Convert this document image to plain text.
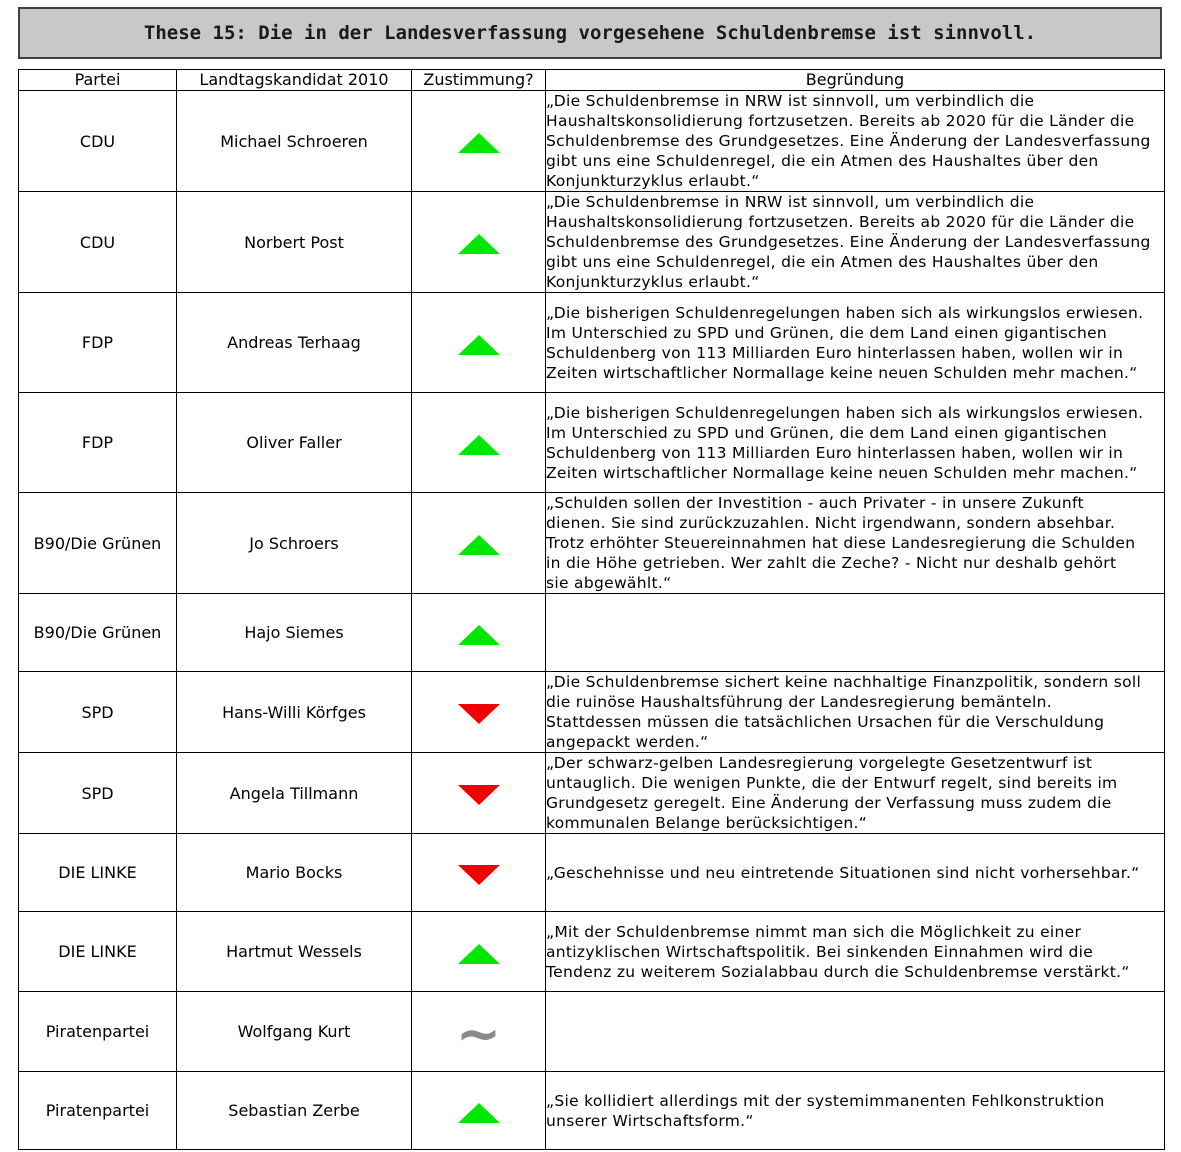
These 15: Die in der Landesverfassung vorgesehene Schuldenbremse ist sinnvoll.
Partei	Landtagskandidat 2010	Zustimmung?	Begründung
CDU	Michael Schroeren		„Die Schuldenbremse in NRW ist sinnvoll, um verbindlich die
Haushaltskonsolidierung fortzusetzen. Bereits ab 2020 für die Länder die
Schuldenbremse des Grundgesetzes. Eine Änderung der Landesverfassung
gibt uns eine Schuldenregel, die ein Atmen des Haushaltes über den
Konjunkturzyklus erlaubt.“
CDU	Norbert Post		„Die Schuldenbremse in NRW ist sinnvoll, um verbindlich die
Haushaltskonsolidierung fortzusetzen. Bereits ab 2020 für die Länder die
Schuldenbremse des Grundgesetzes. Eine Änderung der Landesverfassung
gibt uns eine Schuldenregel, die ein Atmen des Haushaltes über den
Konjunkturzyklus erlaubt.“
FDP	Andreas Terhaag		„Die bisherigen Schuldenregelungen haben sich als wirkungslos erwiesen.
Im Unterschied zu SPD und Grünen, die dem Land einen gigantischen
Schuldenberg von 113 Milliarden Euro hinterlassen haben, wollen wir in
Zeiten wirtschaftlicher Normallage keine neuen Schulden mehr machen.“
FDP	Oliver Faller		„Die bisherigen Schuldenregelungen haben sich als wirkungslos erwiesen.
Im Unterschied zu SPD und Grünen, die dem Land einen gigantischen
Schuldenberg von 113 Milliarden Euro hinterlassen haben, wollen wir in
Zeiten wirtschaftlicher Normallage keine neuen Schulden mehr machen.“
B90/Die Grünen	Jo Schroers		„Schulden sollen der Investition - auch Privater - in unsere Zukunft
dienen. Sie sind zurückzuzahlen. Nicht irgendwann, sondern absehbar.
Trotz erhöhter Steuereinnahmen hat diese Landesregierung die Schulden
in die Höhe getrieben. Wer zahlt die Zeche? - Nicht nur deshalb gehört
sie abgewählt.“
B90/Die Grünen	Hajo Siemes		
SPD	Hans-Willi Körfges		„Die Schuldenbremse sichert keine nachhaltige Finanzpolitik, sondern soll
die ruinöse Haushaltsführung der Landesregierung bemänteln.
Stattdessen müssen die tatsächlichen Ursachen für die Verschuldung
angepackt werden.“
SPD	Angela Tillmann		„Der schwarz-gelben Landesregierung vorgelegte Gesetzentwurf ist
untauglich. Die wenigen Punkte, die der Entwurf regelt, sind bereits im
Grundgesetz geregelt. Eine Änderung der Verfassung muss zudem die
kommunalen Belange berücksichtigen.“
DIE LINKE	Mario Bocks		„Geschehnisse und neu eintretende Situationen sind nicht vorhersehbar.“
DIE LINKE	Hartmut Wessels		„Mit der Schuldenbremse nimmt man sich die Möglichkeit zu einer
antizyklischen Wirtschaftspolitik. Bei sinkenden Einnahmen wird die
Tendenz zu weiterem Sozialabbau durch die Schuldenbremse verstärkt.“
Piratenpartei	Wolfgang Kurt	~	
Piratenpartei	Sebastian Zerbe		„Sie kollidiert allerdings mit der systemimmanenten Fehlkonstruktion
unserer Wirtschaftsform.“
